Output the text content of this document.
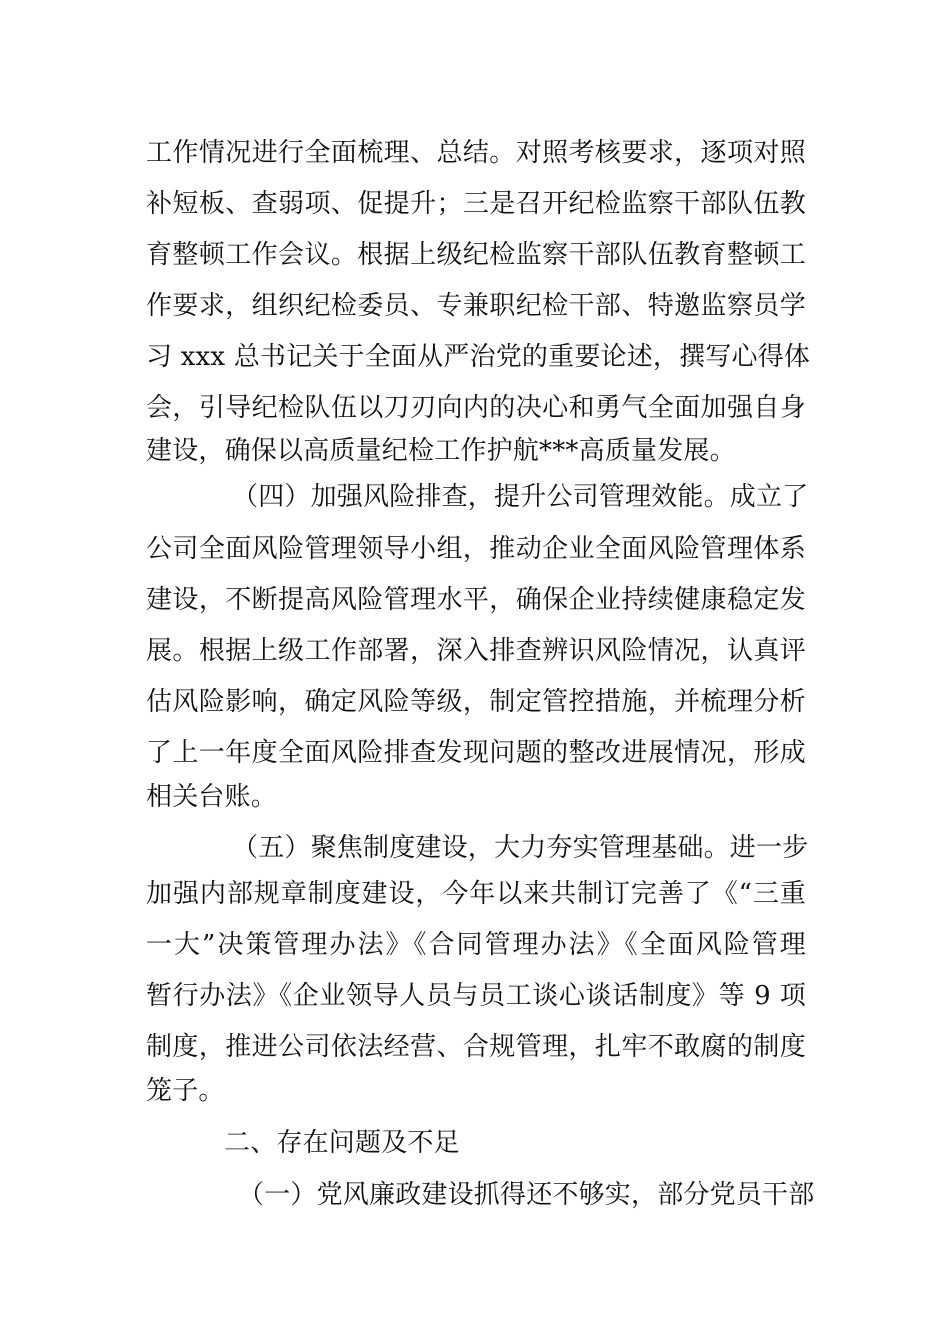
工作情况进行全面梳理、总结。对照考核要求，逐项对照
补短板、查弱项、促提升；三是召开纪检监察干部队伍教
育整顿工作会议。根据上级纪检监察干部队伍教育整顿工
作要求，组织纪检委员、专兼职纪检干部、特邀监察员学
习 xxx 总书记关于全面从严治党的重要论述，撰写心得体
会，引导纪检队伍以刀刃向内的决心和勇气全面加强自身
建设，确保以高质量纪检工作护航***高质量发展。
（四）加强风险排查，提升公司管理效能。成立了
公司全面风险管理领导小组，推动企业全面风险管理体系
建设，不断提高风险管理水平，确保企业持续健康稳定发
展。根据上级工作部署，深入排查辨识风险情况，认真评
估风险影响，确定风险等级，制定管控措施，并梳理分析
了上一年度全面风险排查发现问题的整改进展情况，形成
相关台账。
（五）聚焦制度建设，大力夯实管理基础。进一步
加强内部规章制度建设，今年以来共制订完善了《“三重
一大”决策管理办法》《合同管理办法》《全面风险管理
暂行办法》《企业领导人员与员工谈心谈话制度》等 9 项
制度，推进公司依法经营、合规管理，扎牢不敢腐的制度
笼子。
二、存在问题及不足
（一）党风廉政建设抓得还不够实，部分党员干部
